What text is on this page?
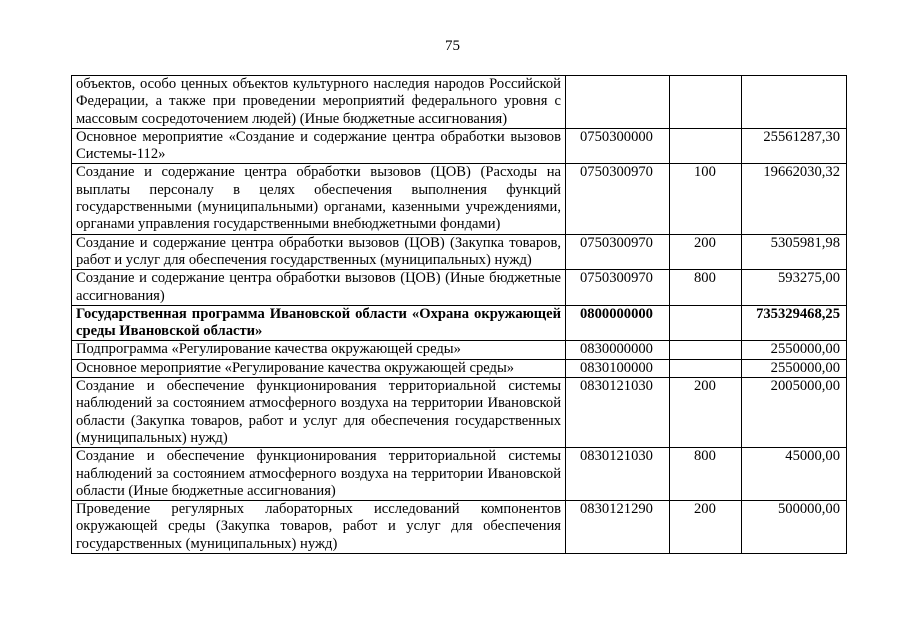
75
объектов, особо ценных объектов культурного наследия народов Российской Федерации, а также при проведении мероприятий федерального уровня с массовым сосредоточением людей) (Иные бюджетные ассигнования)			
Основное мероприятие «Создание и содержание центра обработки вызовов Системы-112»	0750300000		25561287,30
Создание и содержание центра обработки вызовов (ЦОВ) (Расходы на выплаты персоналу в целях обеспечения выполнения функций государственными (муниципальными) органами, казенными учреждениями, органами управления государственными внебюджетными фондами)	0750300970	100	19662030,32
Создание и содержание центра обработки вызовов (ЦОВ) (Закупка товаров, работ и услуг для обеспечения государственных (муниципальных) нужд)	0750300970	200	5305981,98
Создание и содержание центра обработки вызовов (ЦОВ) (Иные бюджетные ассигнования)	0750300970	800	593275,00
Государственная программа Ивановской области «Охрана окружающей среды Ивановской области»	0800000000		735329468,25
Подпрограмма «Регулирование качества окружающей среды»	0830000000		2550000,00
Основное мероприятие «Регулирование качества окружающей среды»	0830100000		2550000,00
Создание и обеспечение функционирования территориальной системы наблюдений за состоянием атмосферного воздуха на территории Ивановской области (Закупка товаров, работ и услуг для обеспечения государственных (муниципальных) нужд)	0830121030	200	2005000,00
Создание и обеспечение функционирования территориальной системы наблюдений за состоянием атмосферного воздуха на территории Ивановской области (Иные бюджетные ассигнования)	0830121030	800	45000,00
Проведение регулярных лабораторных исследований компонентов окружающей среды (Закупка товаров, работ и услуг для обеспечения государственных (муниципальных) нужд)	0830121290	200	500000,00
